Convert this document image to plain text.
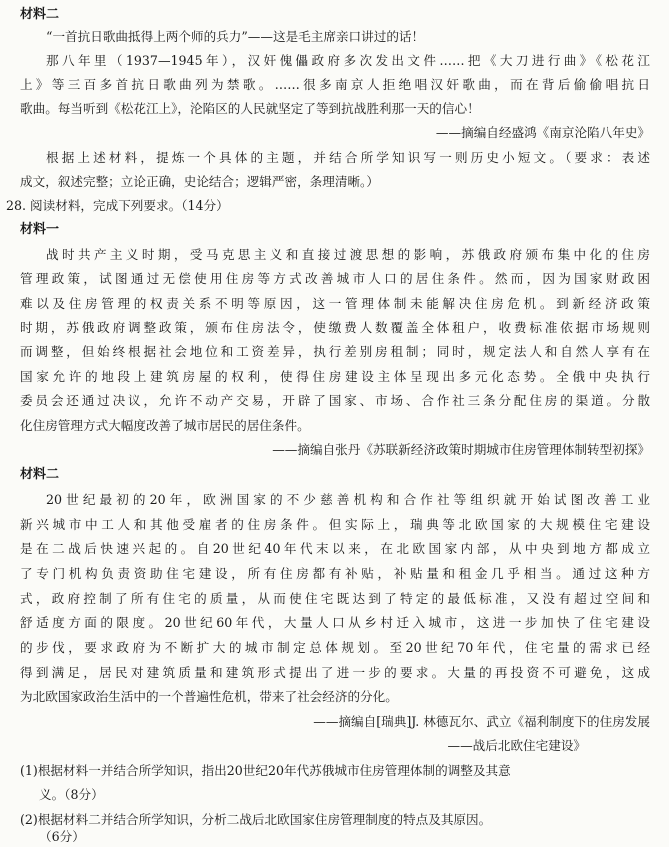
材料二
“一首抗日歌曲抵得上两个师的兵力”——这是毛主席亲口讲过的话！
那八年里（1937—1945年），汉奸傀儡政府多次发出文件……把《大刀进行曲》《松花江
上》等三百多首抗日歌曲列为禁歌。……很多南京人拒绝唱汉奸歌曲，而在背后偷偷唱抗日
歌曲。每当听到《松花江上》，沦陷区的人民就坚定了等到抗战胜利那一天的信心！
——摘编自经盛鸿《南京沦陷八年史》
根据上述材料，提炼一个具体的主题，并结合所学知识写一则历史小短文。（要求：表述
成文，叙述完整；立论正确，史论结合；逻辑严密，条理清晰。）
28. 阅读材料，完成下列要求。（14分）
材料一
战时共产主义时期，受马克思主义和直接过渡思想的影响，苏俄政府颁布集中化的住房
管理政策，试图通过无偿使用住房等方式改善城市人口的居住条件。然而，因为国家财政困
难以及住房管理的权责关系不明等原因，这一管理体制未能解决住房危机。到新经济政策
时期，苏俄政府调整政策，颁布住房法令，使缴费人数覆盖全体租户，收费标准依据市场规则
而调整，但始终根据社会地位和工资差异，执行差别房租制；同时，规定法人和自然人享有在
国家允许的地段上建筑房屋的权利，使得住房建设主体呈现出多元化态势。全俄中央执行
委员会还通过决议，允许不动产交易，开辟了国家、市场、合作社三条分配住房的渠道。分散
化住房管理方式大幅度改善了城市居民的居住条件。
——摘编自张丹《苏联新经济政策时期城市住房管理体制转型初探》
材料二
20世纪最初的20年，欧洲国家的不少慈善机构和合作社等组织就开始试图改善工业
新兴城市中工人和其他受雇者的住房条件。但实际上，瑞典等北欧国家的大规模住宅建设
是在二战后快速兴起的。自20世纪40年代末以来，在北欧国家内部，从中央到地方都成立
了专门机构负责资助住宅建设，所有住房都有补贴，补贴量和租金几乎相当。通过这种方
式，政府控制了所有住宅的质量，从而使住宅既达到了特定的最低标准，又没有超过空间和
舒适度方面的限度。20世纪60年代，大量人口从乡村迁入城市，这进一步加快了住宅建设
的步伐，要求政府为不断扩大的城市制定总体规划。至20世纪70年代，住宅量的需求已经
得到满足，居民对建筑质量和建筑形式提出了进一步的要求。大量的再投资不可避免，这成
为北欧国家政治生活中的一个普遍性危机，带来了社会经济的分化。
——摘编自[瑞典]J. 林德瓦尔、武立《福利制度下的住房发展
——战后北欧住宅建设》
(1)根据材料一并结合所学知识，指出20世纪20年代苏俄城市住房管理体制的调整及其意
义。（8分）
(2)根据材料二并结合所学知识，分析二战后北欧国家住房管理制度的特点及其原因。
（6分）
